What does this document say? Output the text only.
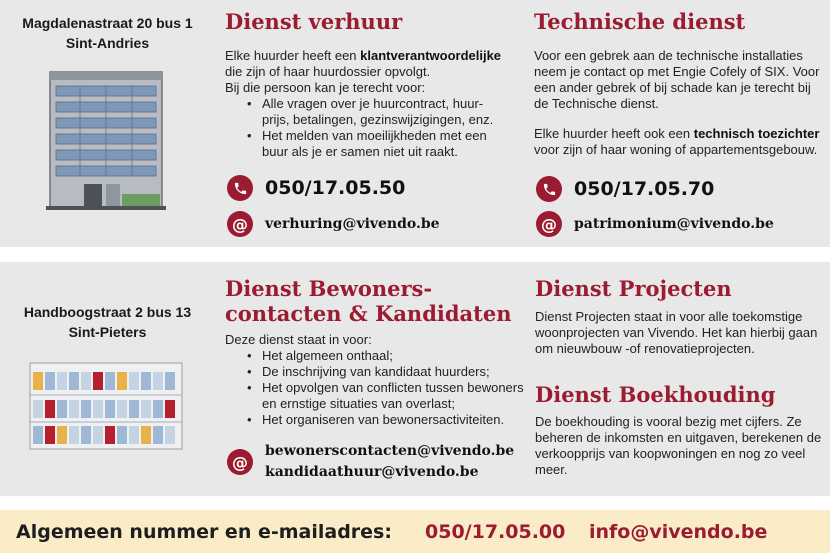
Magdalenastraat 20 bus 1
Sint-Andries
Dienst verhuur

Elke huurder heeft een klantverantwoordelijke
die zijn of haar huurdossier opvolgt.
Bij die persoon kan je terecht voor:

• Alle vragen over je huurcontract, huur-prijs, betalingen, gezinswijzigingen, enz.
• Het melden van moeilijkheden met een buur als je er samen niet uit raakt.
050/17.05.50
@	verhuring@vivendo.be
Technische dienst

Voor een gebrek aan de technische installaties neem je contact op met Engie Cofely of SIX. Voor een ander gebrek of bij schade kan je terecht bij de Technische dienst.

Elke huurder heeft ook een technisch toezichter voor zijn of haar woning of appartementsgebouw.

050/17.05.70
@	patrimonium@vivendo.be
Handboogstraat 2 bus 13
Sint-Pieters
Dienst Bewoners-
contacten & Kandidaten

Deze dienst staat in voor:

• Het algemeen onthaal;
• De inschrijving van kandidaat huurders;
• Het opvolgen van conflicten tussen bewoners en ernstige situaties van overlast;
• Het organiseren van bewonersactiviteiten.
@
bewonerscontacten@vivendo.be
kandidaathuur@vivendo.be
Dienst Projecten

Dienst Projecten staat in voor alle toekomstige woonprojecten van Vivendo. Het kan hierbij gaan om nieuwbouw -of renovatieprojecten.

Dienst Boekhouding

De boekhouding is vooral bezig met cijfers. Ze beheren de inkomsten en uitgaven, berekenen de verkoopprijs van koopwoningen en nog zo veel meer.

Algemeen nummer en e-mailadres: 050/17.05.00 info@vivendo.be
